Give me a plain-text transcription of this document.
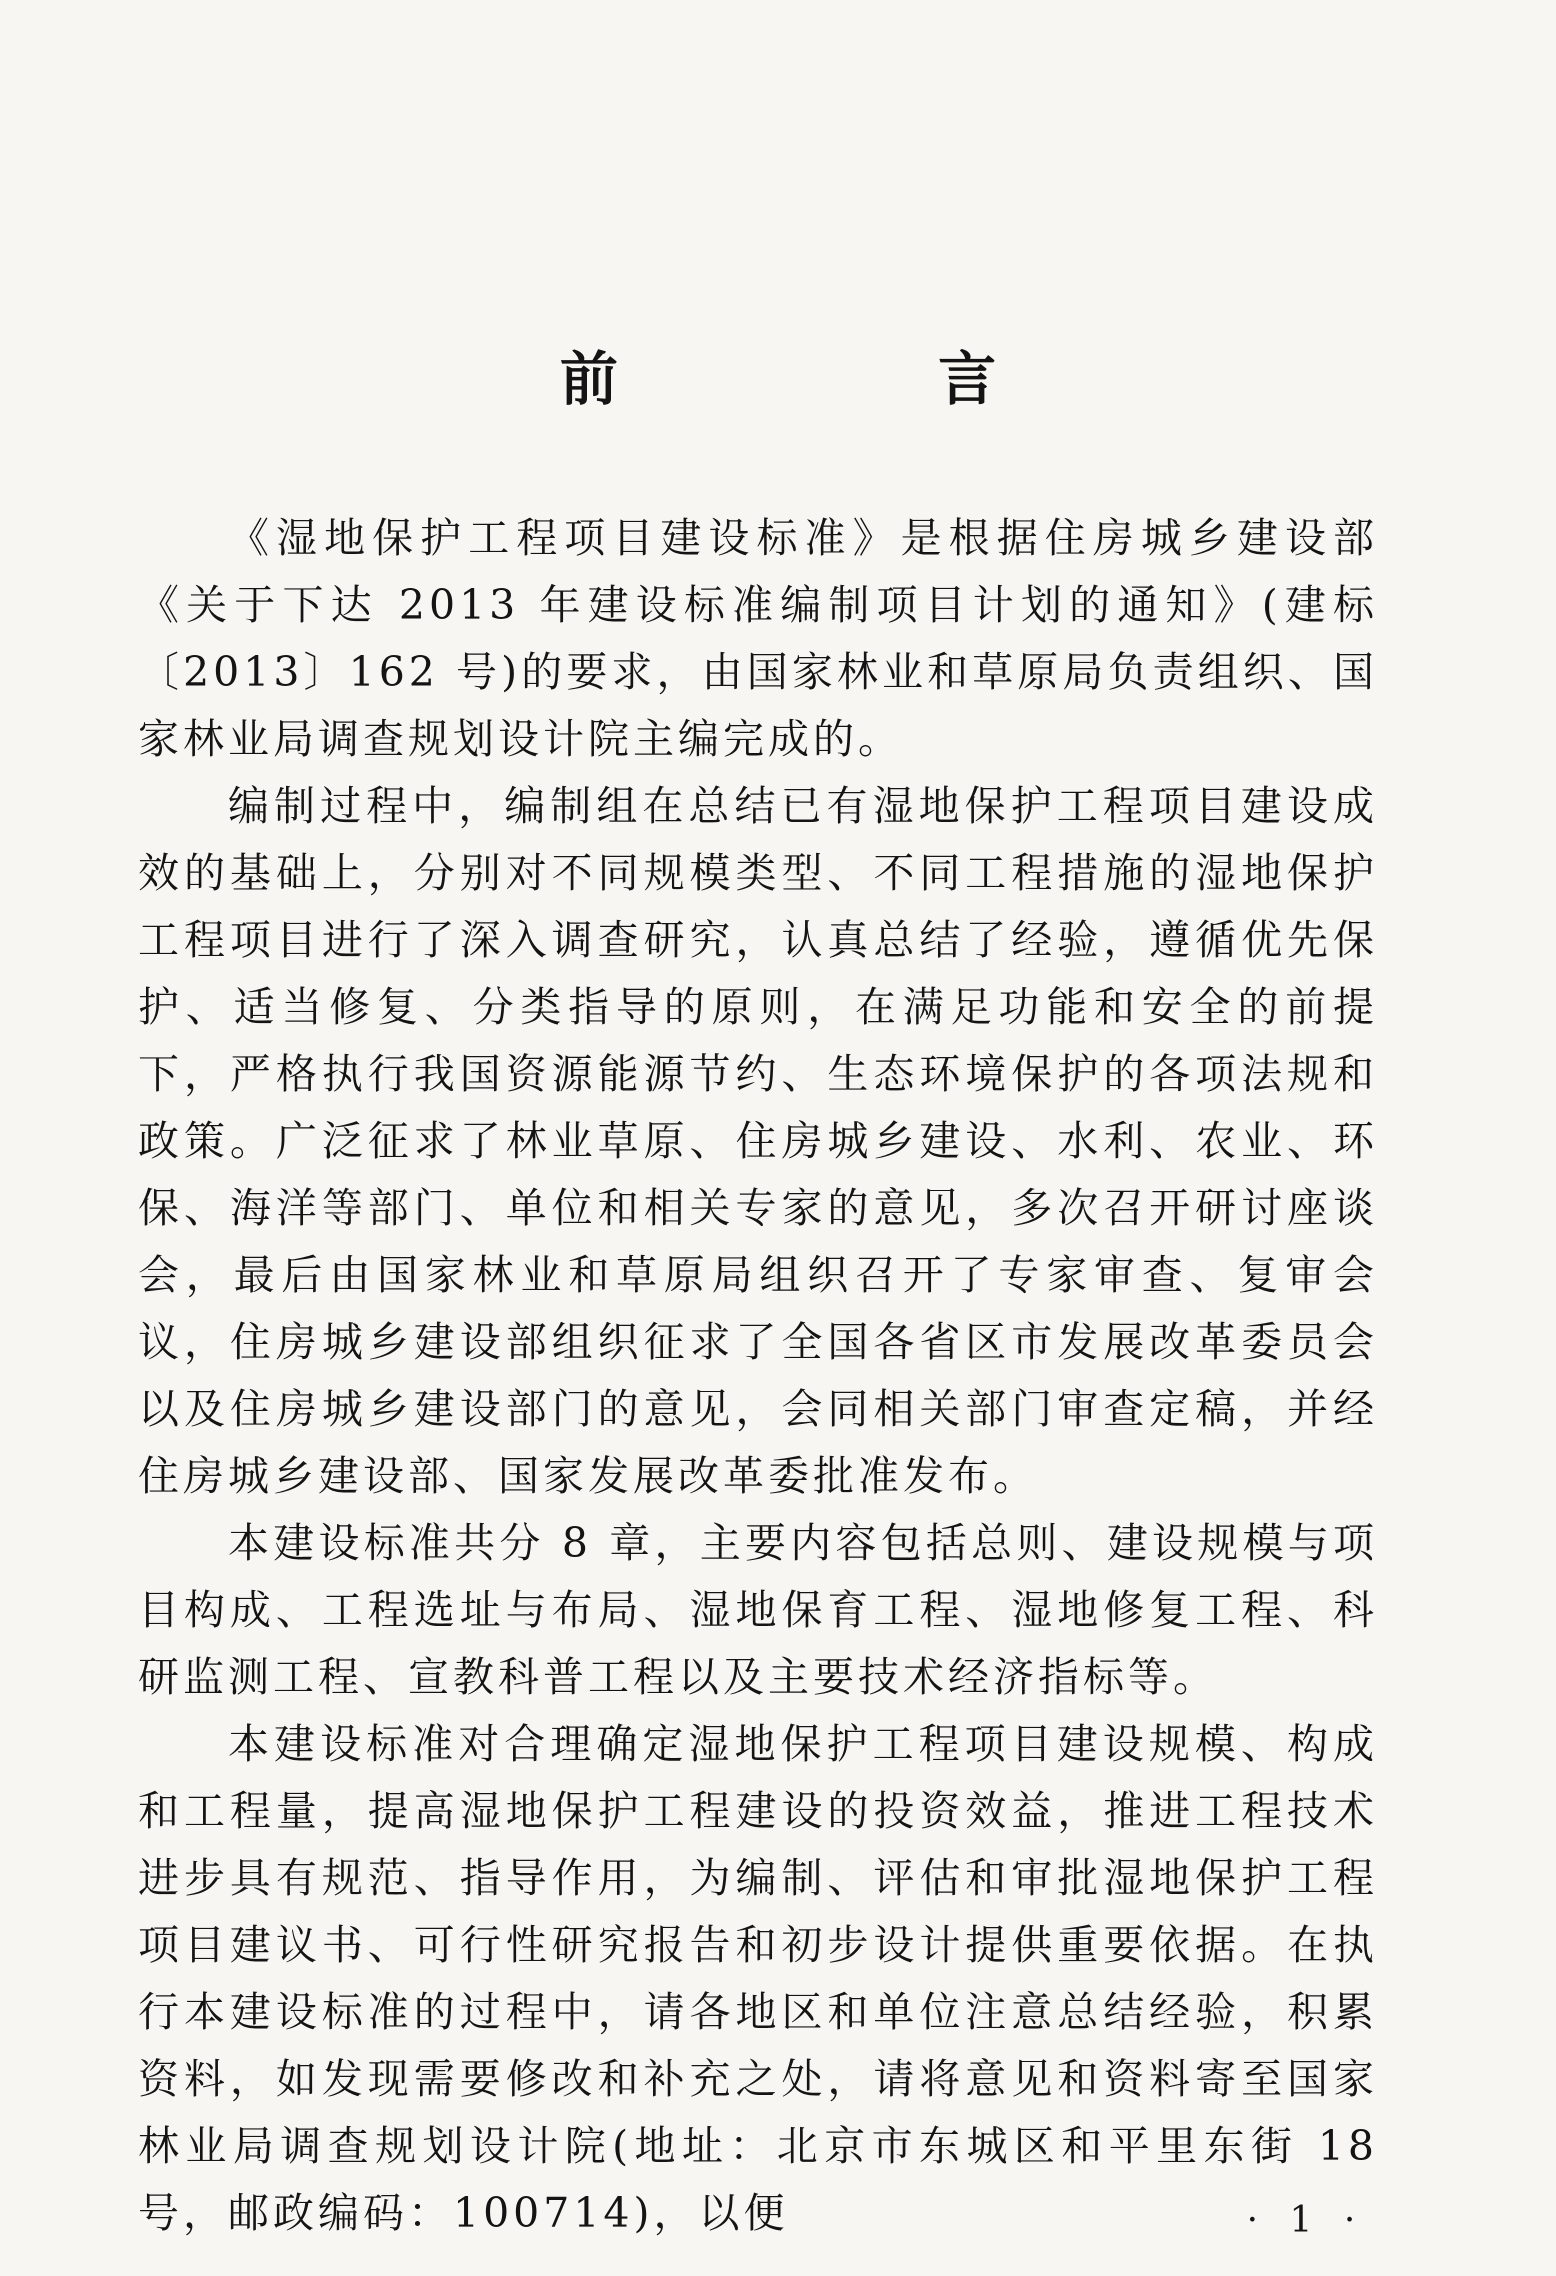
前 言

《湿地保护工程项目建设标准》是根据住房城乡建设部《关于下达 2013 年建设标准编制项目计划的通知》(建标〔2013〕162 号)的要求，由国家林业和草原局负责组织、国家林业局调查规划设计院主编完成的。

编制过程中，编制组在总结已有湿地保护工程项目建设成效的基础上，分别对不同规模类型、不同工程措施的湿地保护工程项目进行了深入调查研究，认真总结了经验，遵循优先保护、适当修复、分类指导的原则，在满足功能和安全的前提下，严格执行我国资源能源节约、生态环境保护的各项法规和政策。广泛征求了林业草原、住房城乡建设、水利、农业、环保、海洋等部门、单位和相关专家的意见，多次召开研讨座谈会，最后由国家林业和草原局组织召开了专家审查、复审会议，住房城乡建设部组织征求了全国各省区市发展改革委员会以及住房城乡建设部门的意见，会同相关部门审查定稿，并经住房城乡建设部、国家发展改革委批准发布。

本建设标准共分 8 章，主要内容包括总则、建设规模与项目构成、工程选址与布局、湿地保育工程、湿地修复工程、科研监测工程、宣教科普工程以及主要技术经济指标等。

本建设标准对合理确定湿地保护工程项目建设规模、构成和工程量，提高湿地保护工程建设的投资效益，推进工程技术进步具有规范、指导作用，为编制、评估和审批湿地保护工程项目建议书、可行性研究报告和初步设计提供重要依据。在执行本建设标准的过程中，请各地区和单位注意总结经验，积累资料，如发现需要修改和补充之处，请将意见和资料寄至国家林业局调查规划设计院(地址：北京市东城区和平里东街 18 号，邮政编码：100714)，以便	· 1 ·
